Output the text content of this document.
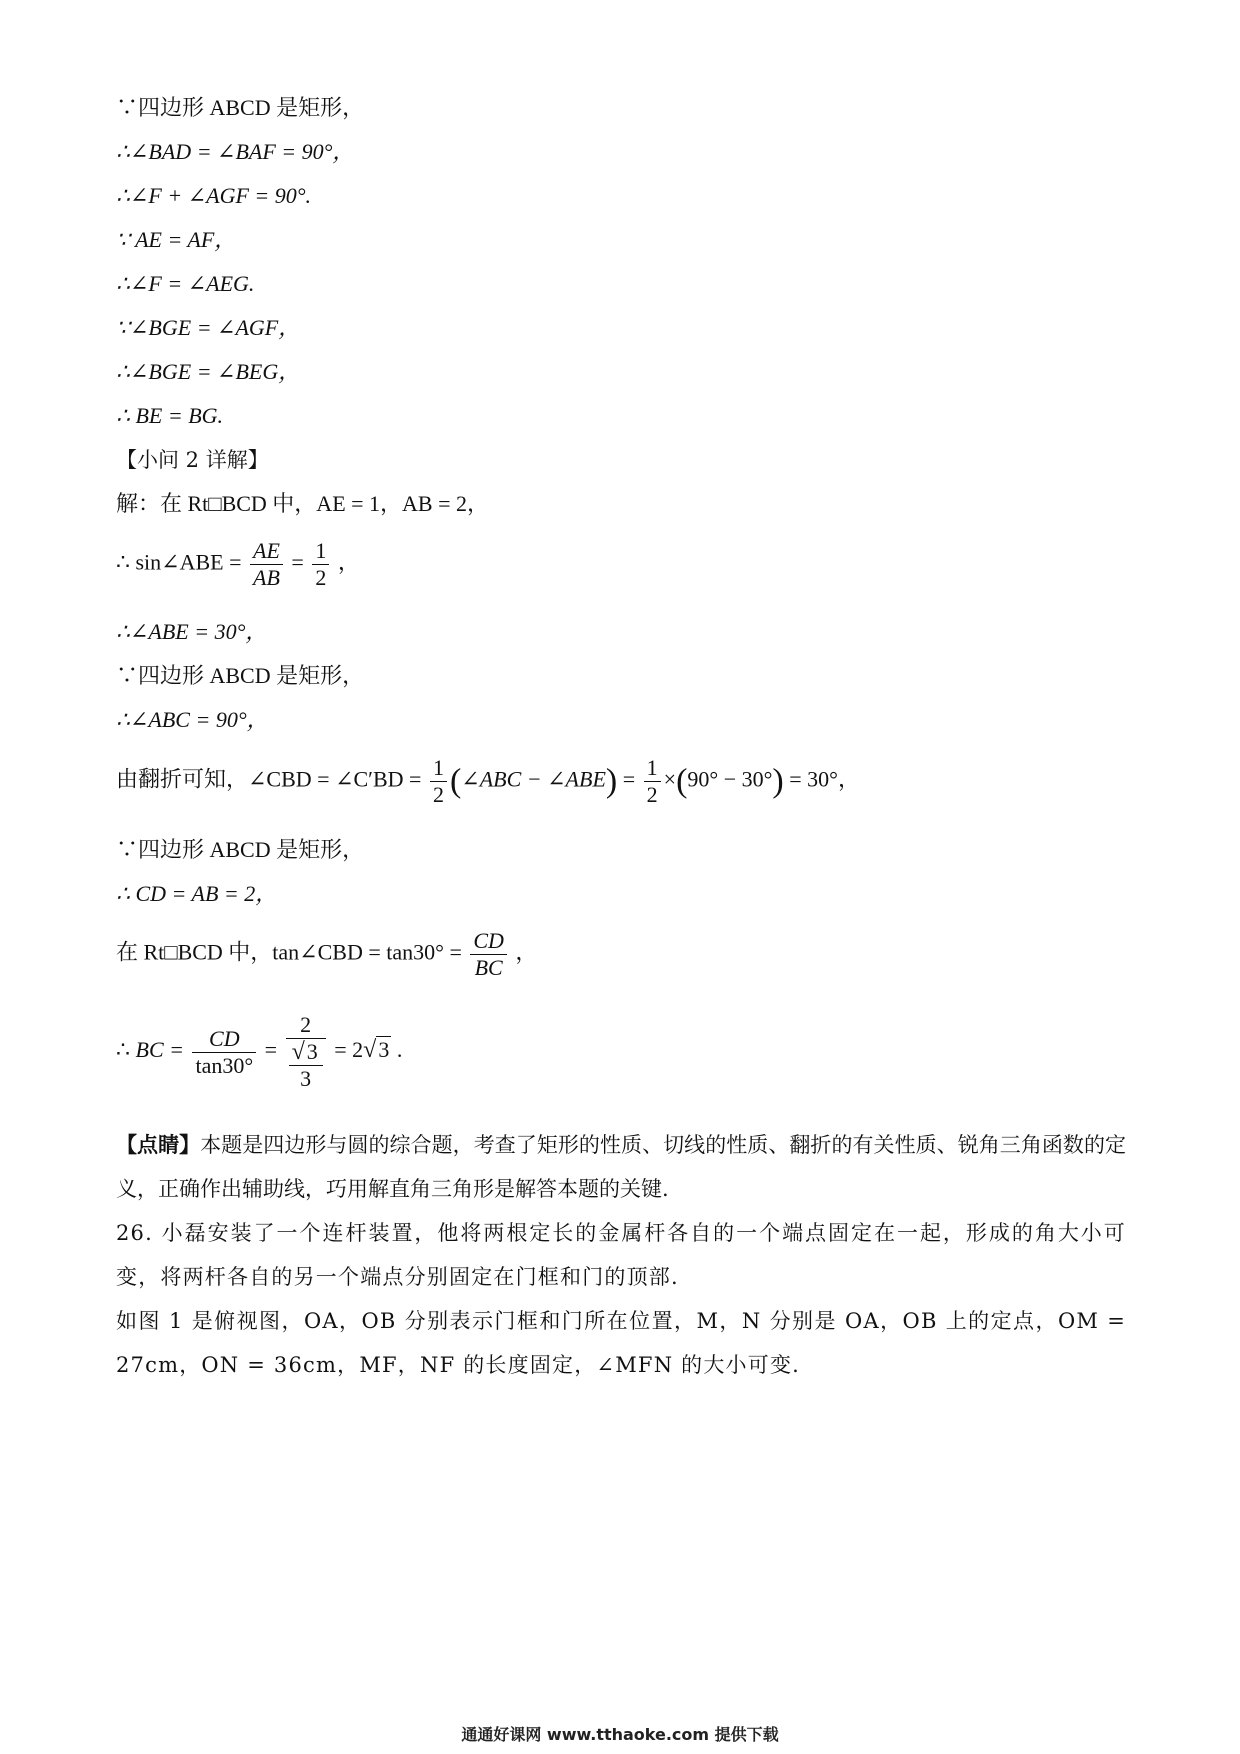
∵四边形 ABCD 是矩形，
∴∠BAD = ∠BAF = 90°，
∴∠F + ∠AGF = 90°.
∵ AE = AF，
∴∠F = ∠AEG.
∵∠BGE = ∠AGF，
∴∠BGE = ∠BEG，
∴ BE = BG.
【小问 2 详解】
解：在 Rt□BCD 中，AE = 1，AB = 2，
∴ sin∠ABE = $\frac{AE}{AB} = \frac{1}{2}$ ，
∴∠ABE = 30°，
∵四边形 ABCD 是矩形，
∴∠ABC = 90°，
由翻折可知，∠CBD = ∠C′BD = $\frac{1}{2}$ (∠ABC − ∠ABE) = $\frac{1}{2} \times(90^\circ - 30^\circ) = 30^\circ$，
∵四边形 ABCD 是矩形，
∴ CD = AB = 2，
在 Rt□BCD 中，tan∠CBD = $\tan 30^\circ = \frac{CD}{BC}$ ，
∴ BC = $\frac{CD}{\tan 30^\circ} = \frac{2}{\frac{√3}{3}} = 2√3$ .
【点睛】本题是四边形与圆的综合题，考查了矩形的性质、切线的性质、翻折的有关性质、锐角三角函数的定义，正确作出辅助线，巧用解直角三角形是解答本题的关键.
26. 小磊安装了一个连杆装置，他将两根定长的金属杆各自的一个端点固定在一起，形成的角大小可变，将两杆各自的另一个端点分别固定在门框和门的顶部.
如图 1 是俯视图，OA，OB 分别表示门框和门所在位置，M，N 分别是 OA，OB 上的定点，OM = 27cm，ON = 36cm，MF，NF 的长度固定，∠MFN 的大小可变.
通通好课网 www.tthaoke.com 提供下载
